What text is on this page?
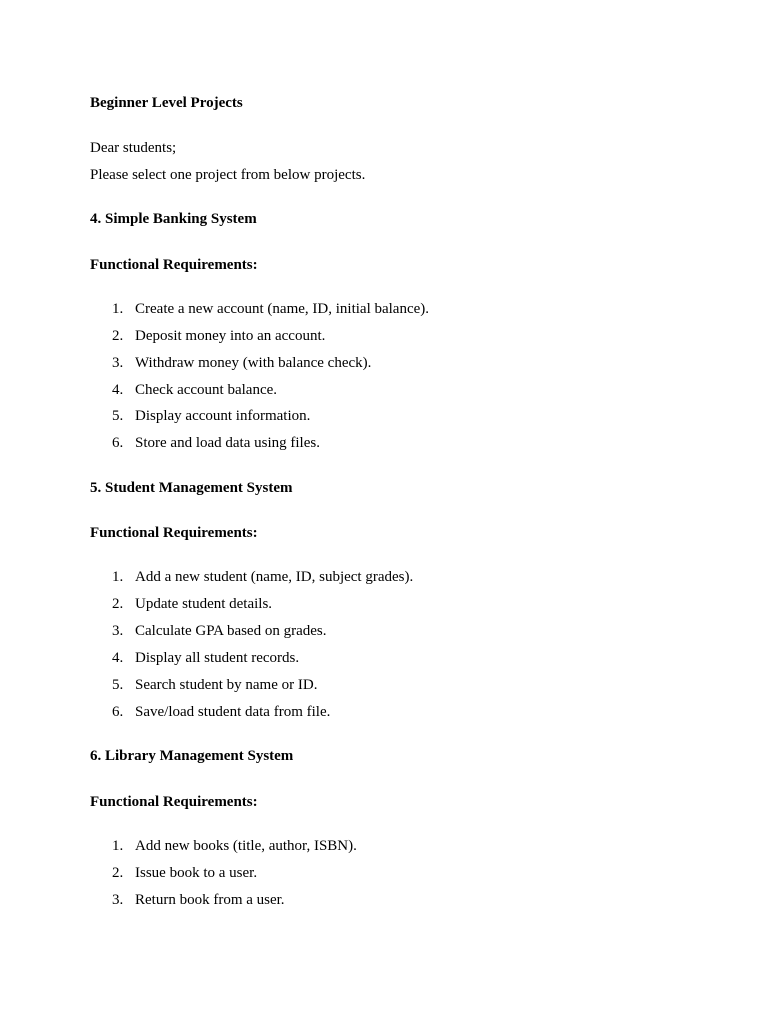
Beginner Level Projects
Dear students;
Please select one project from below projects.
4. Simple Banking System
Functional Requirements:
1. Create a new account (name, ID, initial balance).
2. Deposit money into an account.
3. Withdraw money (with balance check).
4. Check account balance.
5. Display account information.
6. Store and load data using files.
5. Student Management System
Functional Requirements:
1. Add a new student (name, ID, subject grades).
2. Update student details.
3. Calculate GPA based on grades.
4. Display all student records.
5. Search student by name or ID.
6. Save/load student data from file.
6. Library Management System
Functional Requirements:
1. Add new books (title, author, ISBN).
2. Issue book to a user.
3. Return book from a user.
